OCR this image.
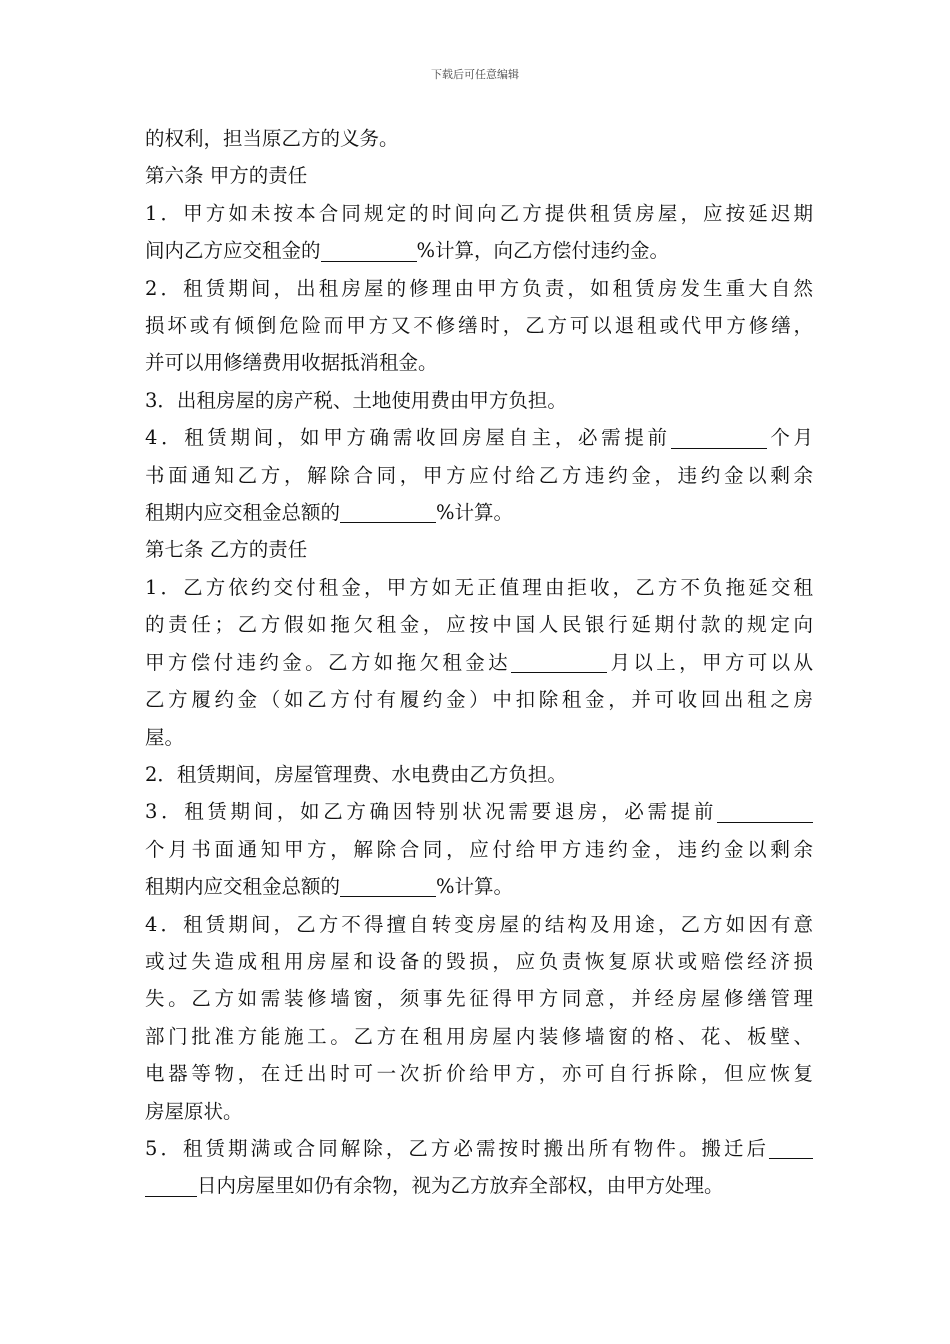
下载后可任意编辑
的权利，担当原乙方的义务。
第六条 甲方的责任
1．甲方如未按本合同规定的时间向乙方提供租赁房屋，应按延迟期
间内乙方应交租金的	%计算，向乙方偿付违约金。
2．租赁期间，出租房屋的修理由甲方负责，如租赁房发生重大自然
损坏或有倾倒危险而甲方又不修缮时，乙方可以退租或代甲方修缮，
并可以用修缮费用收据抵消租金。
3．出租房屋的房产税、土地使用费由甲方负担。
4．租赁期间，如甲方确需收回房屋自主，必需提前	个月
书面通知乙方，解除合同，甲方应付给乙方违约金，违约金以剩余
租期内应交租金总额的	%计算。
第七条 乙方的责任
1．乙方依约交付租金，甲方如无正值理由拒收，乙方不负拖延交租
的责任；乙方假如拖欠租金，应按中国人民银行延期付款的规定向
甲方偿付违约金。乙方如拖欠租金达	月以上，甲方可以从
乙方履约金（如乙方付有履约金）中扣除租金，并可收回出租之房
屋。
2．租赁期间，房屋管理费、水电费由乙方负担。
3．租赁期间，如乙方确因特别状况需要退房，必需提前
个月书面通知甲方，解除合同，应付给甲方违约金，违约金以剩余
租期内应交租金总额的	%计算。
4．租赁期间，乙方不得擅自转变房屋的结构及用途，乙方如因有意
或过失造成租用房屋和设备的毁损，应负责恢复原状或赔偿经济损
失。乙方如需装修墙窗，须事先征得甲方同意，并经房屋修缮管理
部门批准方能施工。乙方在租用房屋内装修墙窗的格、花、板壁、
电器等物，在迁出时可一次折价给甲方，亦可自行拆除，但应恢复
房屋原状。
5．租赁期满或合同解除，乙方必需按时搬出所有物件。搬迁后
日内房屋里如仍有余物，视为乙方放弃全部权，由甲方处理。
